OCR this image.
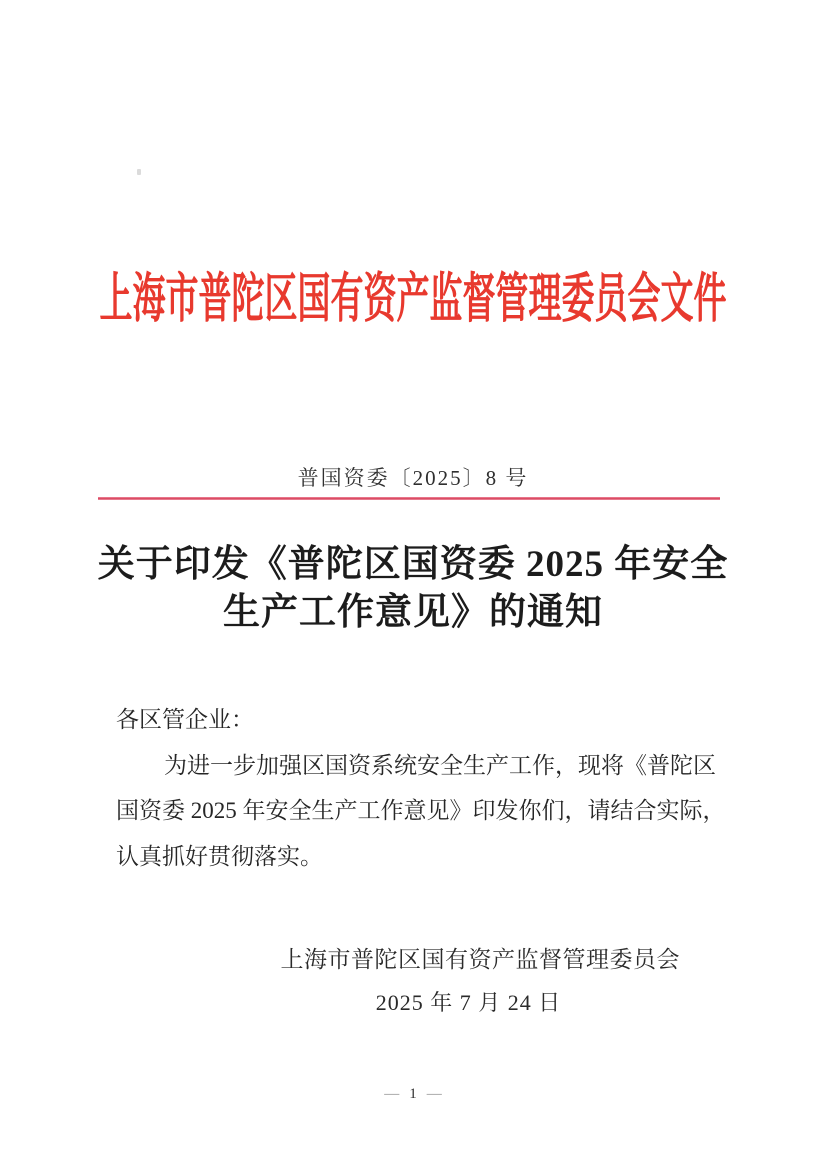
上海市普陀区国有资产监督管理委员会文件
普国资委〔2025〕8 号
关于印发《普陀区国资委 2025 年安全
生产工作意见》的通知
各区管企业：
为进一步加强区国资系统安全生产工作，现将《普陀区
国资委 2025 年安全生产工作意见》印发你们，请结合实际，
认真抓好贯彻落实。
上海市普陀区国有资产监督管理委员会
2025 年 7 月 24 日
— 1 —
